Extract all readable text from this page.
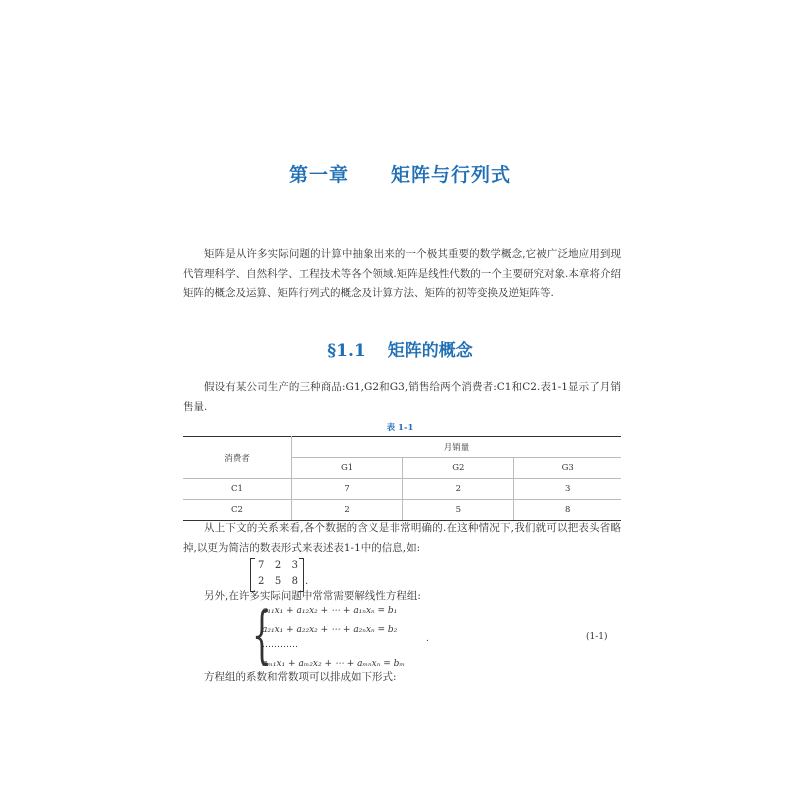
第一章 矩阵与行列式
矩阵是从许多实际问题的计算中抽象出来的一个极其重要的数学概念,它被广泛地应用到现代管理科学、自然科学、工程技术等各个领域.矩阵是线性代数的一个主要研究对象.本章将介绍矩阵的概念及运算、矩阵行列式的概念及计算方法、矩阵的初等变换及逆矩阵等.
§1.1 矩阵的概念
假设有某公司生产的三种商品:G1,G2和G3,销售给两个消费者:C1和C2.表1-1显示了月销售量.
表 1-1
消费者	月销量		
	G1	G2	G3
C1	7	2	3
C2	2	5	8
从上下文的关系来看,各个数据的含义是非常明确的.在这种情况下,我们就可以把表头省略掉,以更为简洁的数表形式来表述表1-1中的信息,如:
7 2 3
2 5 8 .
另外,在许多实际问题中常常需要解线性方程组:
{
a₁₁x₁ + a₁₂x₂ + ⋯ + a₁ₙxₙ = b₁
a₂₁x₁ + a₂₂x₂ + ⋯ + a₂ₙxₙ = b₂
…………
aₘ₁x₁ + aₘ₂x₂ + ⋯ + aₘₙxₙ = bₘ
.	(1-1)
方程组的系数和常数项可以排成如下形式:
